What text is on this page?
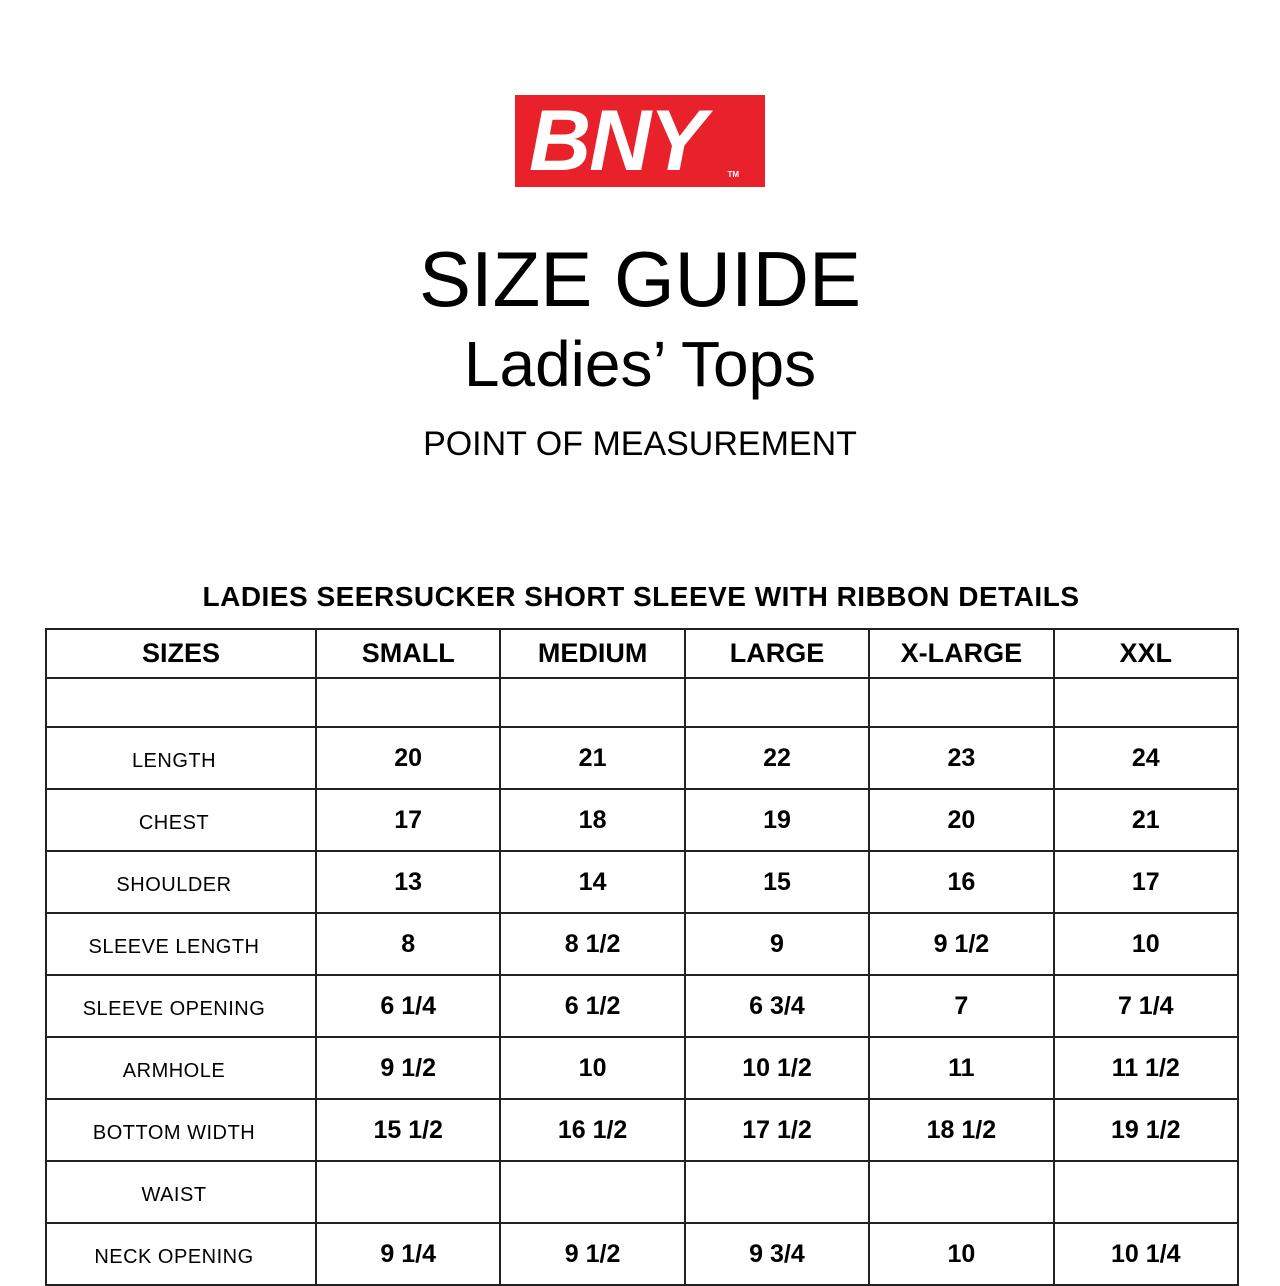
BNY	TM
SIZE GUIDE
Ladies’ Tops
POINT OF MEASUREMENT
LADIES SEERSUCKER SHORT SLEEVE WITH RIBBON DETAILS
SIZES	SMALL	MEDIUM	LARGE	X-LARGE	XXL

LENGTH	20	21	22	23	24
CHEST	17	18	19	20	21
SHOULDER	13	14	15	16	17
SLEEVE LENGTH	8	8 1/2	9	9 1/2	10
SLEEVE OPENING	6 1/4	6 1/2	6 3/4	7	7 1/4
ARMHOLE	9 1/2	10	10 1/2	11	11 1/2
BOTTOM WIDTH	15 1/2	16 1/2	17 1/2	18 1/2	19 1/2
WAIST					
NECK OPENING	9 1/4	9 1/2	9 3/4	10	10 1/4
